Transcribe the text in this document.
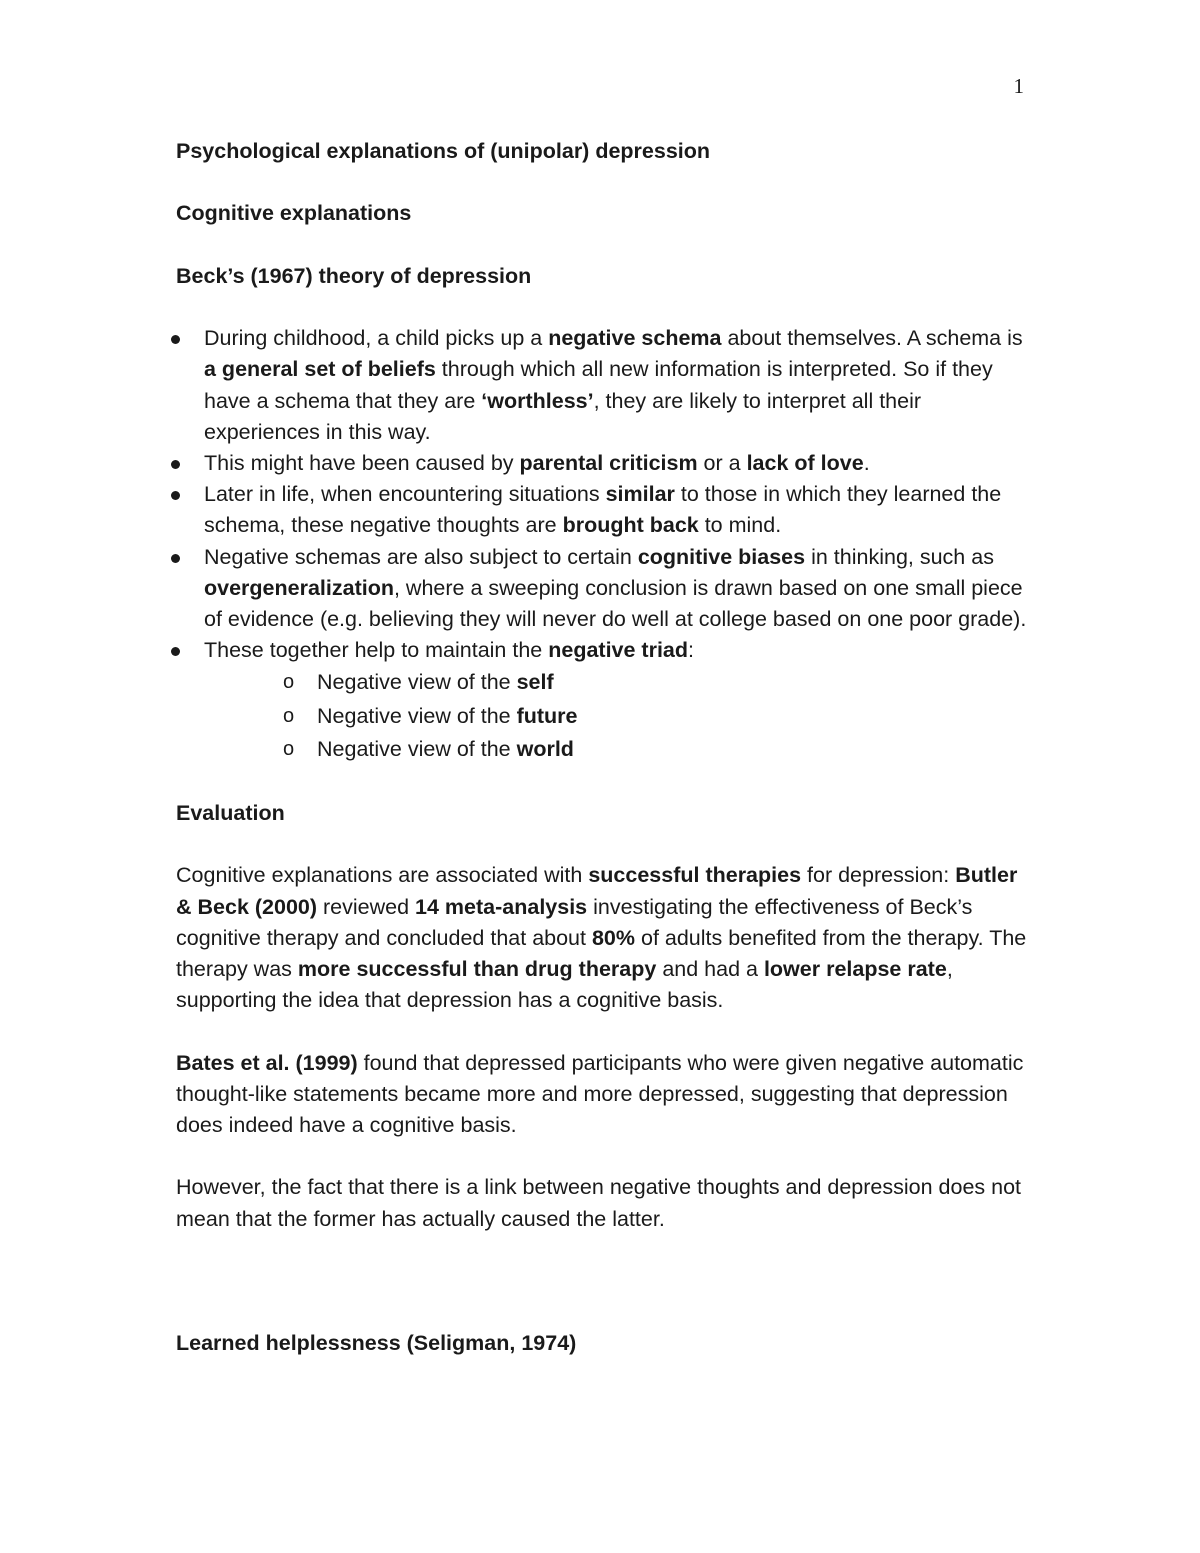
1

Psychological explanations of (unipolar) depression

Cognitive explanations

Beck’s (1967) theory of depression

During childhood, a child picks up a negative schema about themselves. A schema is a general set of beliefs through which all new information is interpreted. So if they have a schema that they are ‘worthless’, they are likely to interpret all their experiences in this way.
This might have been caused by parental criticism or a lack of love.
Later in life, when encountering situations similar to those in which they learned the schema, these negative thoughts are brought back to mind.
Negative schemas are also subject to certain cognitive biases in thinking, such as overgeneralization, where a sweeping conclusion is drawn based on one small piece of evidence (e.g. believing they will never do well at college based on one poor grade).
These together help to maintain the negative triad:
o Negative view of the self
o Negative view of the future
o Negative view of the world

Evaluation

Cognitive explanations are associated with successful therapies for depression: Butler & Beck (2000) reviewed 14 meta-analysis investigating the effectiveness of Beck’s cognitive therapy and concluded that about 80% of adults benefited from the therapy. The therapy was more successful than drug therapy and had a lower relapse rate, supporting the idea that depression has a cognitive basis.

Bates et al. (1999) found that depressed participants who were given negative automatic thought-like statements became more and more depressed, suggesting that depression does indeed have a cognitive basis.

However, the fact that there is a link between negative thoughts and depression does not mean that the former has actually caused the latter.

Learned helplessness (Seligman, 1974)
